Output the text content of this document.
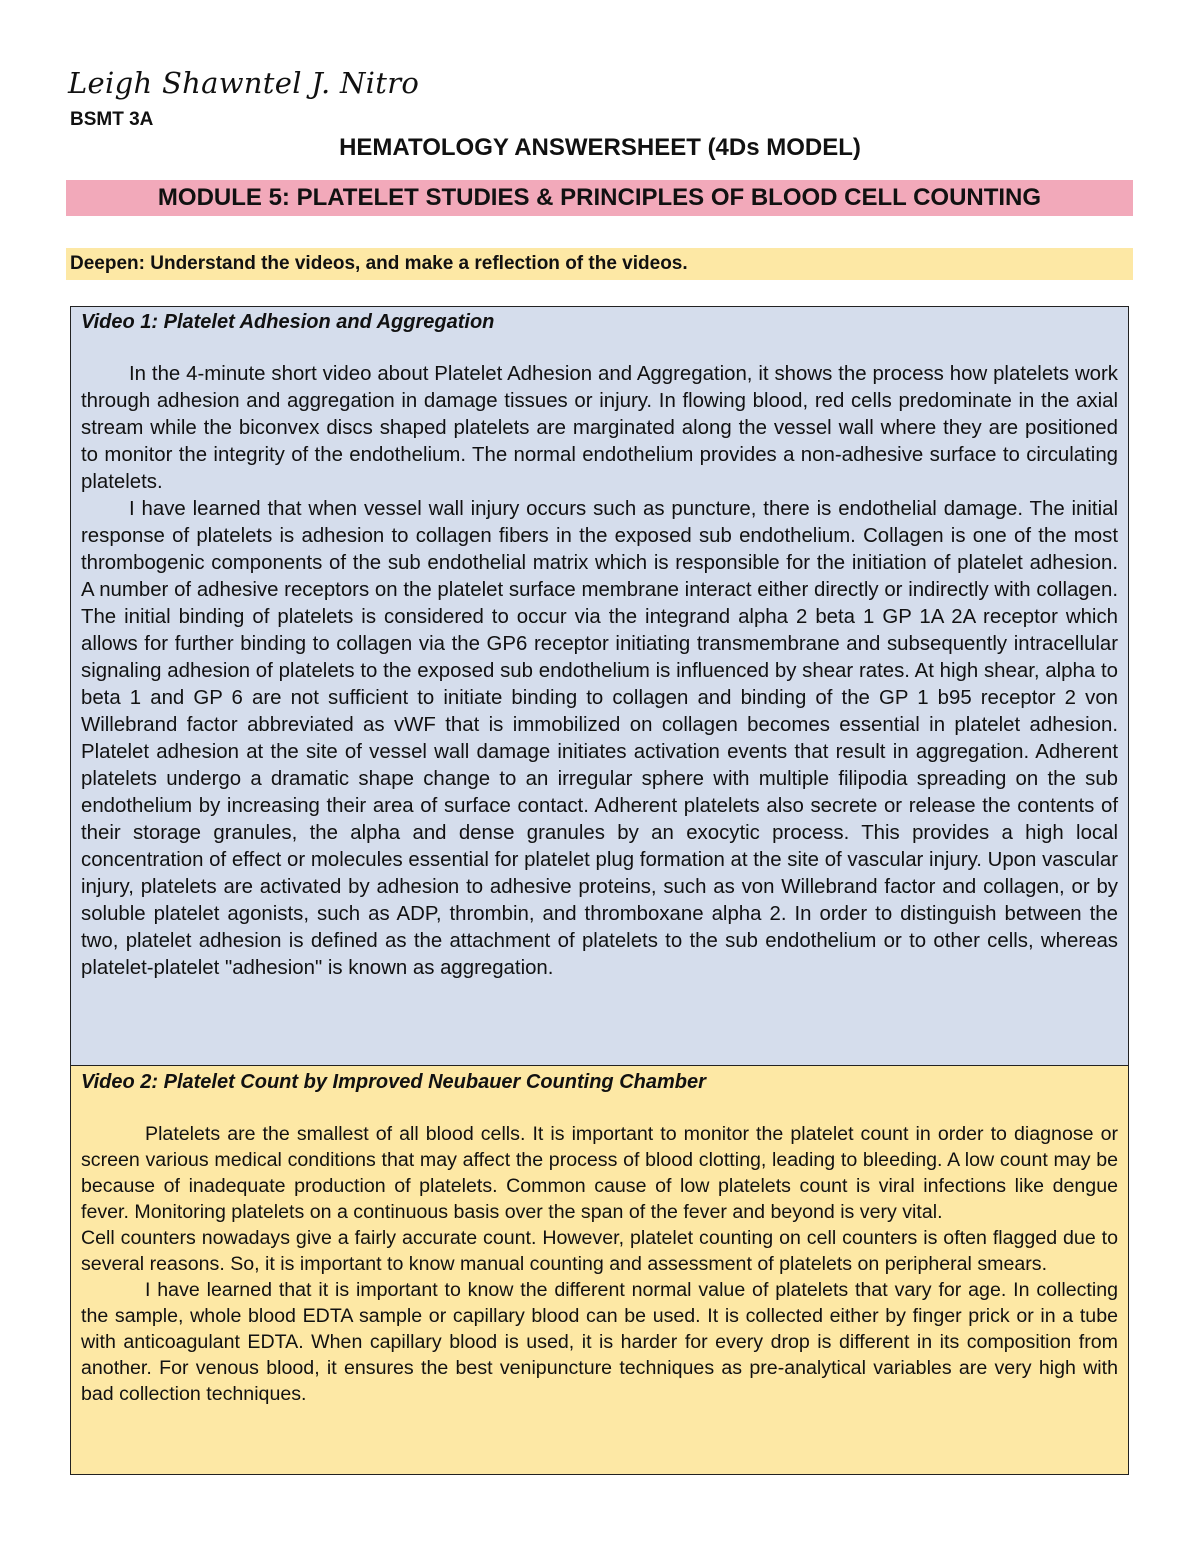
Leigh Shawntel J. Nitro
BSMT 3A
HEMATOLOGY ANSWERSHEET (4Ds MODEL)
MODULE 5: PLATELET STUDIES & PRINCIPLES OF BLOOD CELL COUNTING
Deepen: Understand the videos, and make a reflection of the videos.
Video 1: Platelet Adhesion and Aggregation

In the 4-minute short video about Platelet Adhesion and Aggregation, it shows the process how platelets work through adhesion and aggregation in damage tissues or injury. In flowing blood, red cells predominate in the axial stream while the biconvex discs shaped platelets are marginated along the vessel wall where they are positioned to monitor the integrity of the endothelium. The normal endothelium provides a non-adhesive surface to circulating platelets.

I have learned that when vessel wall injury occurs such as puncture, there is endothelial damage. The initial response of platelets is adhesion to collagen fibers in the exposed sub endothelium. Collagen is one of the most thrombogenic components of the sub endothelial matrix which is responsible for the initiation of platelet adhesion. A number of adhesive receptors on the platelet surface membrane interact either directly or indirectly with collagen. The initial binding of platelets is considered to occur via the integrand alpha 2 beta 1 GP 1A 2A receptor which allows for further binding to collagen via the GP6 receptor initiating transmembrane and subsequently intracellular signaling adhesion of platelets to the exposed sub endothelium is influenced by shear rates. At high shear, alpha to beta 1 and GP 6 are not sufficient to initiate binding to collagen and binding of the GP 1 b95 receptor 2 von Willebrand factor abbreviated as vWF that is immobilized on collagen becomes essential in platelet adhesion. Platelet adhesion at the site of vessel wall damage initiates activation events that result in aggregation. Adherent platelets undergo a dramatic shape change to an irregular sphere with multiple filipodia spreading on the sub endothelium by increasing their area of surface contact. Adherent platelets also secrete or release the contents of their storage granules, the alpha and dense granules by an exocytic process. This provides a high local concentration of effect or molecules essential for platelet plug formation at the site of vascular injury. Upon vascular injury, platelets are activated by adhesion to adhesive proteins, such as von Willebrand factor and collagen, or by soluble platelet agonists, such as ADP, thrombin, and thromboxane alpha 2. In order to distinguish between the two, platelet adhesion is defined as the attachment of platelets to the sub endothelium or to other cells, whereas platelet-platelet "adhesion" is known as aggregation.

Video 2: Platelet Count by Improved Neubauer Counting Chamber

Platelets are the smallest of all blood cells. It is important to monitor the platelet count in order to diagnose or screen various medical conditions that may affect the process of blood clotting, leading to bleeding. A low count may be because of inadequate production of platelets. Common cause of low platelets count is viral infections like dengue fever. Monitoring platelets on a continuous basis over the span of the fever and beyond is very vital.

Cell counters nowadays give a fairly accurate count. However, platelet counting on cell counters is often flagged due to several reasons. So, it is important to know manual counting and assessment of platelets on peripheral smears.

I have learned that it is important to know the different normal value of platelets that vary for age. In collecting the sample, whole blood EDTA sample or capillary blood can be used. It is collected either by finger prick or in a tube with anticoagulant EDTA. When capillary blood is used, it is harder for every drop is different in its composition from another. For venous blood, it ensures the best venipuncture techniques as pre-analytical variables are very high with bad collection techniques.
